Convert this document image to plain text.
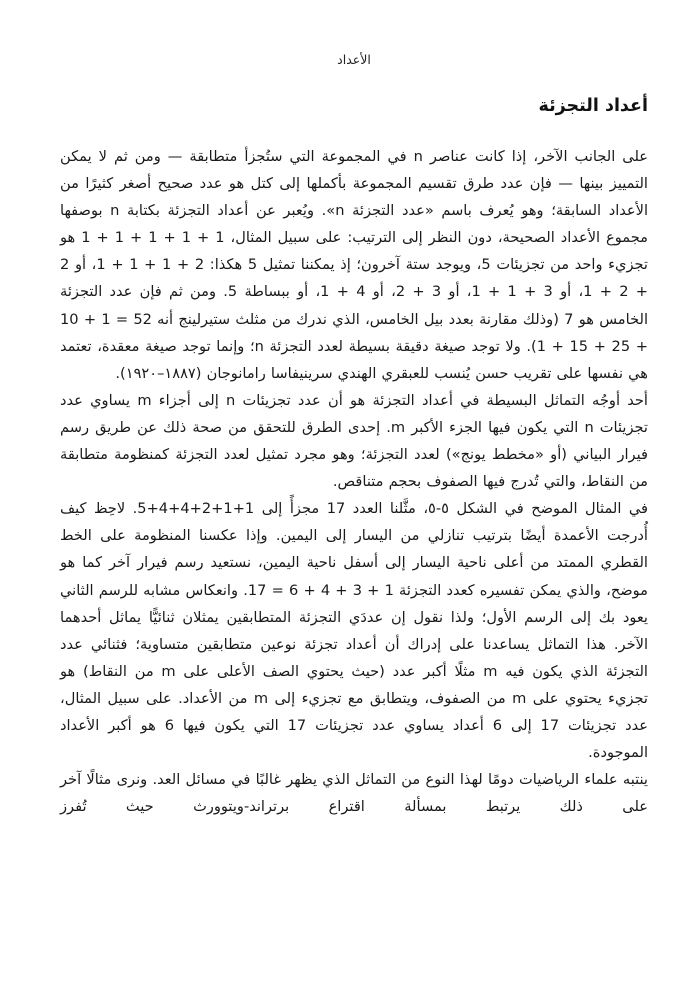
الأعداد
أعداد التجزئة

على الجانب الآخر، إذا كانت عناصر n في المجموعة التي ستُجزأ متطابقة — ومن ثم لا يمكن التمييز بينها — فإن عدد طرق تقسيم المجموعة بأكملها إلى كتل هو عدد صحيح أصغر كثيرًا من الأعداد السابقة؛ وهو يُعرف باسم «عدد التجزئة n». ويُعبر عن أعداد التجزئة بكتابة n بوصفها مجموع الأعداد الصحيحة، دون النظر إلى الترتيب: على سبيل المثال، 1 + 1 + 1 + 1 + 1 هو تجزيء واحد من تجزيئات 5، ويوجد ستة آخرون؛ إذ يمكننا تمثيل 5 هكذا: 2 + 1 + 1 + 1، أو 2 + 2 + 1، أو 3 + 1 + 1، أو 3 + 2، أو 4 + 1، أو ببساطة 5. ومن ثم فإن عدد التجزئة الخامس هو 7 (وذلك مقارنة بعدد بيل الخامس، الذي ندرك من مثلث ستيرلينج أنه 52 = 1 + 10 + 25 + 15 + 1). ولا توجد صيغة دقيقة بسيطة لعدد التجزئة n؛ وإنما توجد صيغة معقدة، تعتمد هي نفسها على تقريب حسن يُنسب للعبقري الهندي سرينيفاسا رامانوجان (١٨٨٧–١٩٢٠).

أحد أوجُه التماثل البسيطة في أعداد التجزئة هو أن عدد تجزيئات n إلى أجزاء m يساوي عدد تجزيئات n التي يكون فيها الجزء الأكبر m. إحدى الطرق للتحقق من صحة ذلك عن طريق رسم فيرار البياني (أو «مخطط يونج») لعدد التجزئة؛ وهو مجرد تمثيل لعدد التجزئة كمنظومة متطابقة من النقاط، والتي تُدرج فيها الصفوف بحجم متناقص.

في المثال الموضح في الشكل ٥-٥، مثَّلنا العدد 17 مجزأً إلى 1+1+2+4+4+5. لاحِظ كيف أُدرجت الأعمدة أيضًا بترتيب تنازلي من اليسار إلى اليمين. وإذا عكسنا المنظومة على الخط القطري الممتد من أعلى ناحية اليسار إلى أسفل ناحية اليمين، نستعيد رسم فيرار آخر كما هو موضح، والذي يمكن تفسيره كعدد التجزئة 1 + 3 + 4 + 6 = 17. وانعكاس مشابه للرسم الثاني يعود بك إلى الرسم الأول؛ ولذا نقول إن عددَي التجزئة المتطابقين يمثلان ثنائيًّا يماثل أحدهما الآخر. هذا التماثل يساعدنا على إدراك أن أعداد تجزئة نوعين متطابقين متساوية؛ فثنائي عدد التجزئة الذي يكون فيه m مثلًا أكبر عدد (حيث يحتوي الصف الأعلى على m من النقاط) هو تجزيء يحتوي على m من الصفوف، ويتطابق مع تجزيء إلى m من الأعداد. على سبيل المثال، عدد تجزيئات 17 إلى 6 أعداد يساوي عدد تجزيئات 17 التي يكون فيها 6 هو أكبر الأعداد الموجودة.

ينتبه علماء الرياضيات دومًا لهذا النوع من التماثل الذي يظهر غالبًا في مسائل العد. ونرى مثالًا آخر على ذلك يرتبط بمسألة اقتراع برتراند-ويتوورث حيث تُفرز
